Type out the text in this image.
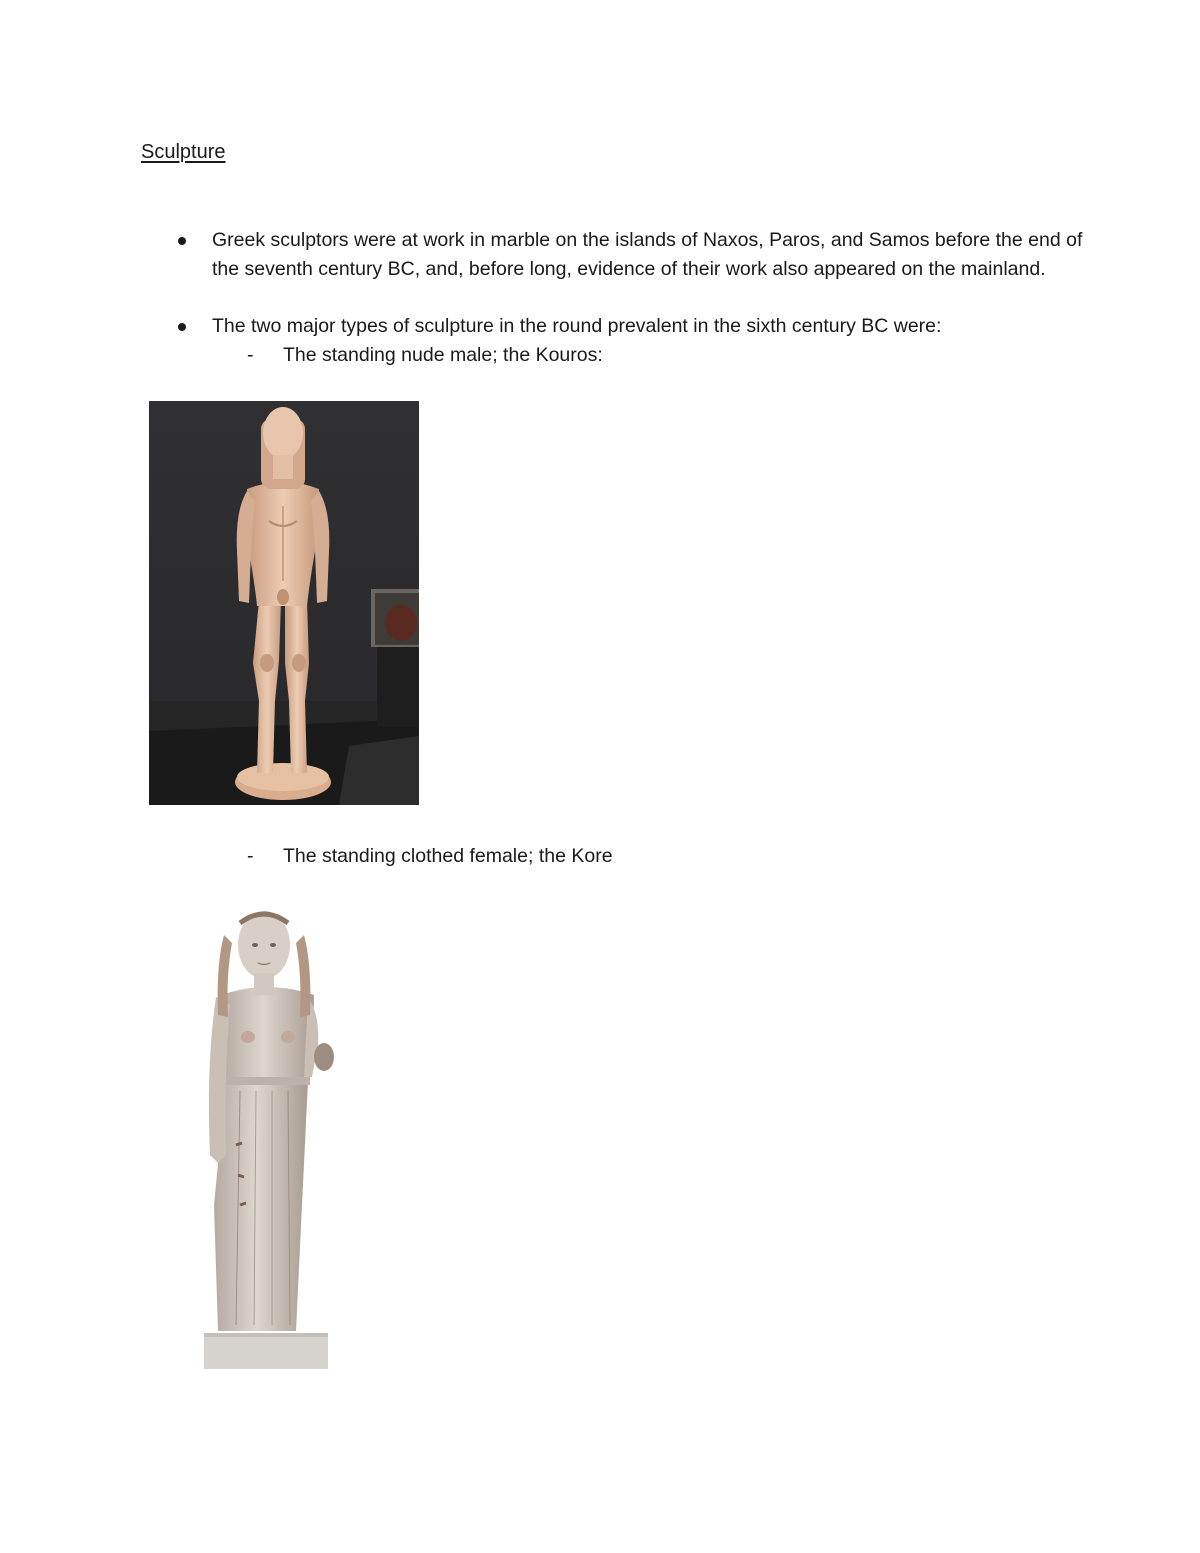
Sculpture
Greek sculptors were at work in marble on the islands of Naxos, Paros, and Samos before the end of the seventh century BC, and, before long, evidence of their work also appeared on the mainland.
The two major types of sculpture in the round prevalent in the sixth century BC were:
- The standing nude male; the Kouros:
- The standing clothed female; the Kore
